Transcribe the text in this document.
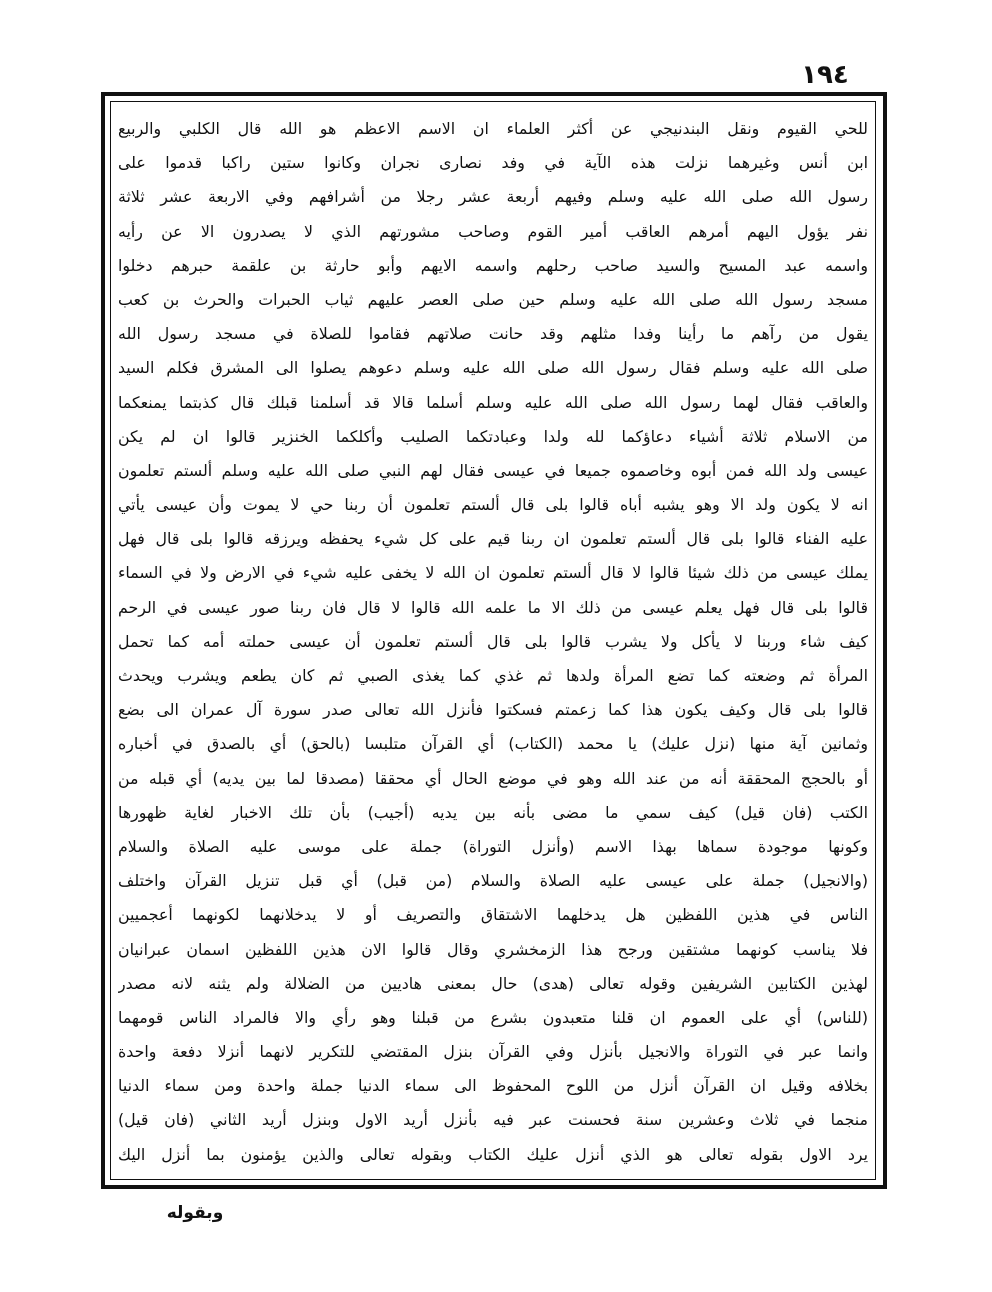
١٩٤
للحي القيوم ونقل البندنيجي عن أكثر العلماء ان الاسم الاعظم هو الله قال الكلبي والربيع
ابن أنس وغيرهما نزلت هذه الآية في وفد نصارى نجران وكانوا ستين راكبا قدموا على
رسول الله صلى الله عليه وسلم وفيهم أربعة عشر رجلا من أشرافهم وفي الاربعة عشر ثلاثة
نفر يؤول اليهم أمرهم العاقب أمير القوم وصاحب مشورتهم الذي لا يصدرون الا عن رأيه
واسمه عبد المسيح والسيد صاحب رحلهم واسمه الايهم وأبو حارثة بن علقمة حبرهم دخلوا
مسجد رسول الله صلى الله عليه وسلم حين صلى العصر عليهم ثياب الحبرات والحرث بن كعب
يقول من رآهم ما رأينا وفدا مثلهم وقد حانت صلاتهم فقاموا للصلاة في مسجد رسول الله
صلى الله عليه وسلم فقال رسول الله صلى الله عليه وسلم دعوهم يصلوا الى المشرق فكلم السيد
والعاقب فقال لهما رسول الله صلى الله عليه وسلم أسلما قالا قد أسلمنا قبلك قال كذبتما يمنعكما
من الاسلام ثلاثة أشياء دعاؤكما لله ولدا وعبادتكما الصليب وأكلكما الخنزير قالوا ان لم يكن
عيسى ولد الله فمن أبوه وخاصموه جميعا في عيسى فقال لهم النبي صلى الله عليه وسلم ألستم تعلمون
انه لا يكون ولد الا وهو يشبه أباه قالوا بلى قال ألستم تعلمون أن ربنا حي لا يموت وأن عيسى يأتي
عليه الفناء قالوا بلى قال ألستم تعلمون ان ربنا قيم على كل شيء يحفظه ويرزقه قالوا بلى قال فهل
يملك عيسى من ذلك شيئا قالوا لا قال ألستم تعلمون ان الله لا يخفى عليه شيء في الارض ولا في السماء
قالوا بلى قال فهل يعلم عيسى من ذلك الا ما علمه الله قالوا لا قال فان ربنا صور عيسى في الرحم
كيف شاء وربنا لا يأكل ولا يشرب قالوا بلى قال ألستم تعلمون أن عيسى حملته أمه كما تحمل
المرأة ثم وضعته كما تضع المرأة ولدها ثم غذي كما يغذى الصبي ثم كان يطعم ويشرب ويحدث
قالوا بلى قال وكيف يكون هذا كما زعمتم فسكتوا فأنزل الله تعالى صدر سورة آل عمران الى بضع
وثمانين آية منها (نزل عليك) يا محمد (الكتاب) أي القرآن متلبسا (بالحق) أي بالصدق في أخباره
أو بالحجج المحققة أنه من عند الله وهو في موضع الحال أي محققا (مصدقا لما بين يديه) أي قبله من
الكتب (فان قيل) كيف سمي ما مضى بأنه بين يديه (أجيب) بأن تلك الاخبار لغاية ظهورها
وكونها موجودة سماها بهذا الاسم (وأنزل التوراة) جملة على موسى عليه الصلاة والسلام
(والانجيل) جملة على عيسى عليه الصلاة والسلام (من قبل) أي قبل تنزيل القرآن واختلف
الناس في هذين اللفظين هل يدخلهما الاشتقاق والتصريف أو لا يدخلانهما لكونهما أعجميين
فلا يناسب كونهما مشتقين ورجح هذا الزمخشري وقال قالوا الان هذين اللفظين اسمان عبرانيان
لهذين الكتابين الشريفين وقوله تعالى (هدى) حال بمعنى هاديين من الضلالة ولم يثنه لانه مصدر
(للناس) أي على العموم ان قلنا متعبدون بشرع من قبلنا وهو رأي والا فالمراد الناس قومهما
وانما عبر في التوراة والانجيل بأنزل وفي القرآن بنزل المقتضي للتكرير لانهما أنزلا دفعة واحدة
بخلافه وقيل ان القرآن أنزل من اللوح المحفوظ الى سماء الدنيا جملة واحدة ومن سماء الدنيا
منجما في ثلاث وعشرين سنة فحسنت عبر فيه بأنزل أريد الاول وبنزل أريد الثاني (فان قيل)
يرد الاول بقوله تعالى هو الذي أنزل عليك الكتاب وبقوله تعالى والذين يؤمنون بما أنزل اليك
وبقوله
